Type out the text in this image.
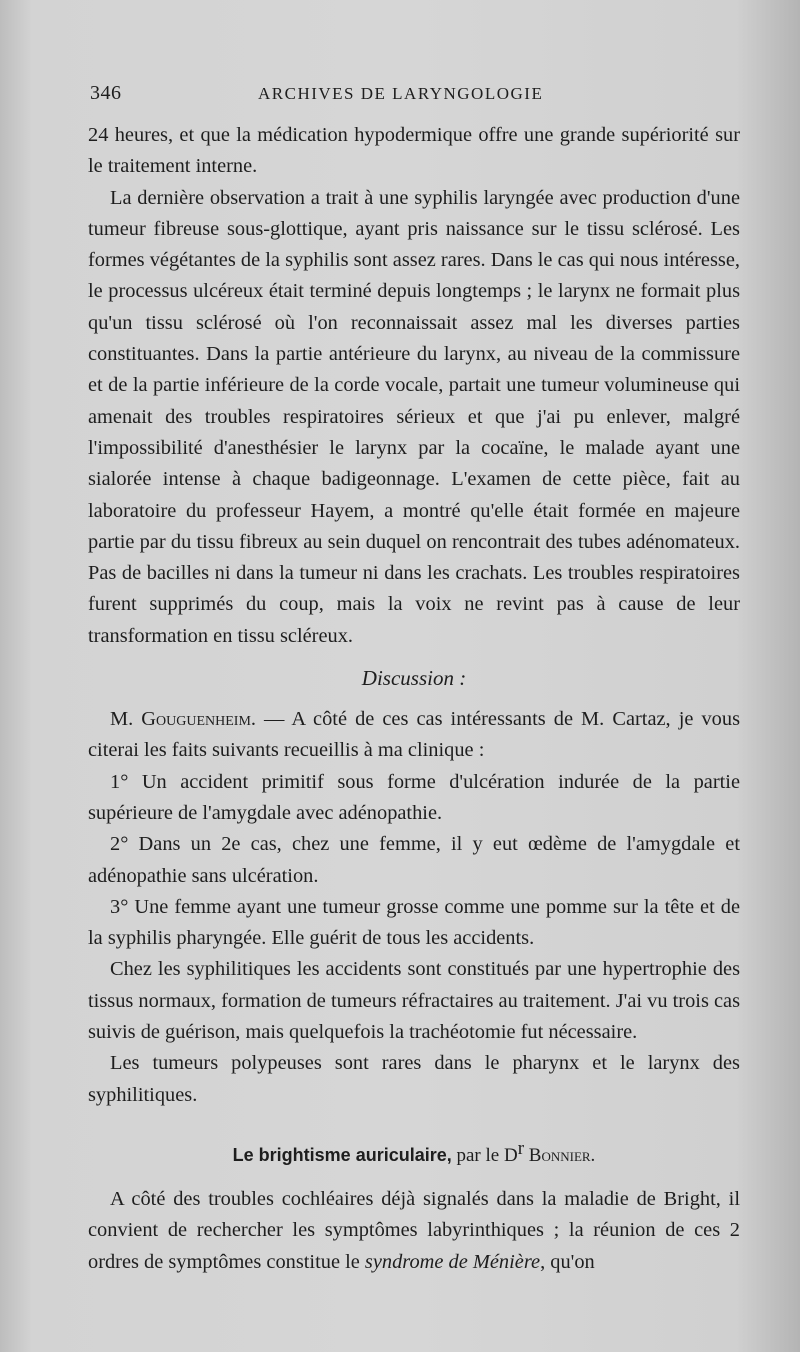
346	ARCHIVES DE LARYNGOLOGIE

24 heures, et que la médication hypodermique offre une grande supériorité sur le traitement interne.

La dernière observation a trait à une syphilis laryngée avec production d'une tumeur fibreuse sous-glottique, ayant pris naissance sur le tissu sclérosé. Les formes végétantes de la syphilis sont assez rares. Dans le cas qui nous intéresse, le processus ulcéreux était terminé depuis longtemps ; le larynx ne formait plus qu'un tissu sclérosé où l'on reconnaissait assez mal les diverses parties constituantes. Dans la partie antérieure du larynx, au niveau de la commissure et de la partie inférieure de la corde vocale, partait une tumeur volumineuse qui amenait des troubles respiratoires sérieux et que j'ai pu enlever, malgré l'impossibilité d'anesthésier le larynx par la cocaïne, le malade ayant une sialorée intense à chaque badigeonnage. L'examen de cette pièce, fait au laboratoire du professeur Hayem, a montré qu'elle était formée en majeure partie par du tissu fibreux au sein duquel on rencontrait des tubes adénomateux. Pas de bacilles ni dans la tumeur ni dans les crachats. Les troubles respiratoires furent supprimés du coup, mais la voix ne revint pas à cause de leur transformation en tissu scléreux.

Discussion :

M. Gouguenheim. — A côté de ces cas intéressants de M. Cartaz, je vous citerai les faits suivants recueillis à ma clinique :

1° Un accident primitif sous forme d'ulcération indurée de la partie supérieure de l'amygdale avec adénopathie.

2° Dans un 2e cas, chez une femme, il y eut œdème de l'amygdale et adénopathie sans ulcération.

3° Une femme ayant une tumeur grosse comme une pomme sur la tête et de la syphilis pharyngée. Elle guérit de tous les accidents.

Chez les syphilitiques les accidents sont constitués par une hypertrophie des tissus normaux, formation de tumeurs réfractaires au traitement. J'ai vu trois cas suivis de guérison, mais quelquefois la trachéotomie fut nécessaire.

Les tumeurs polypeuses sont rares dans le pharynx et le larynx des syphilitiques.

Le brightisme auriculaire, par le $D^r$ Bonnier.

A côté des troubles cochléaires déjà signalés dans la maladie de Bright, il convient de rechercher les symptômes labyrinthiques ; la réunion de ces 2 ordres de symptômes constitue le syndrome de Ménière, qu'on
